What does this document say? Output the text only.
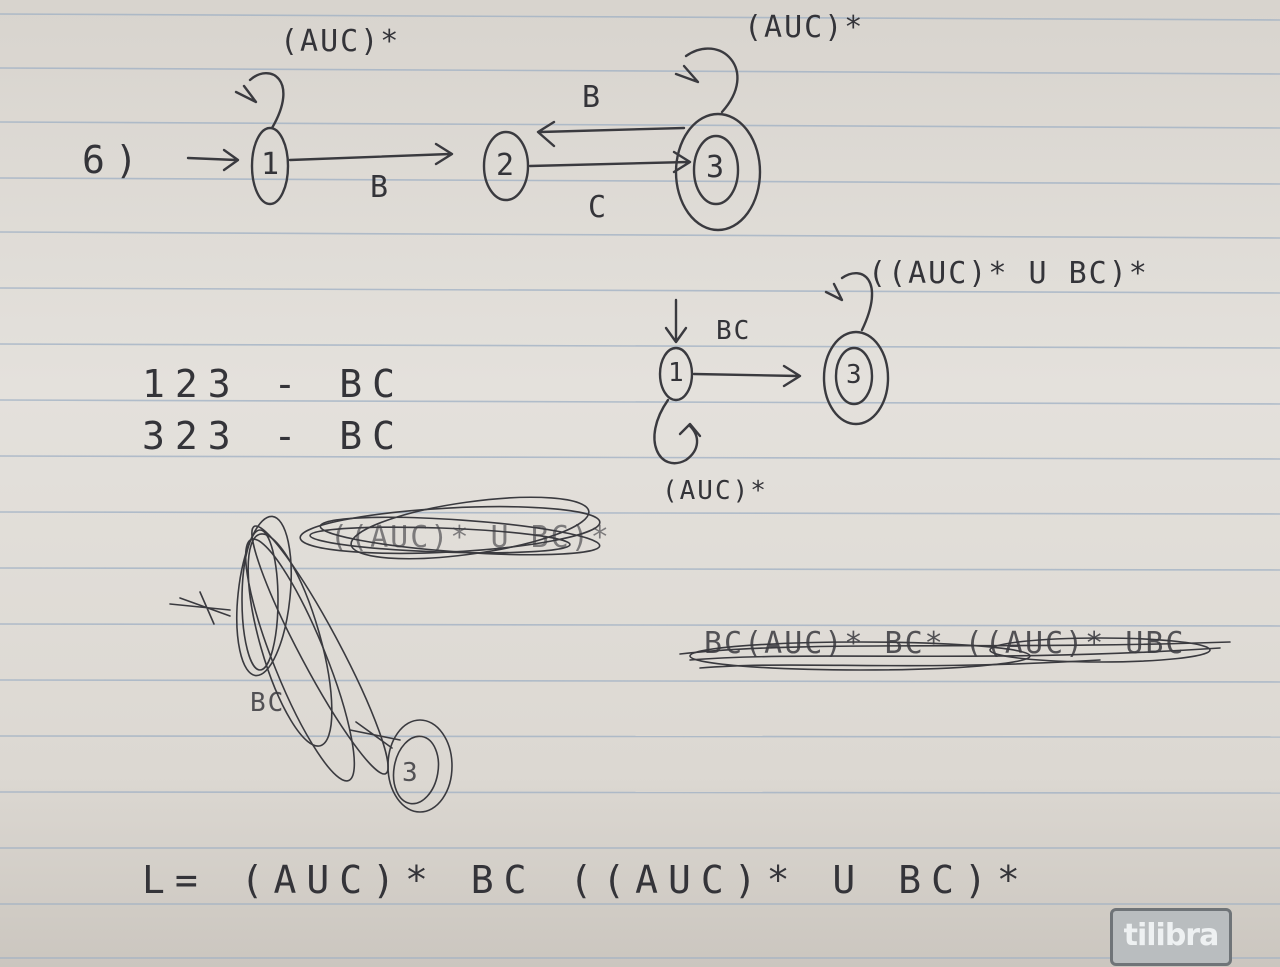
6)
(AUC)*	(AUC)*
1	2	3
B
C
B
123 - BC
323 - BC
BC
1	3
(AUC)*
((AUC)* U BC)*
((AUC)* U BC)*
BC
3
BC(AUC)* BC* ((AUC)* UBC
L= (AUC)* BC ((AUC)* U BC)*
tilibra
